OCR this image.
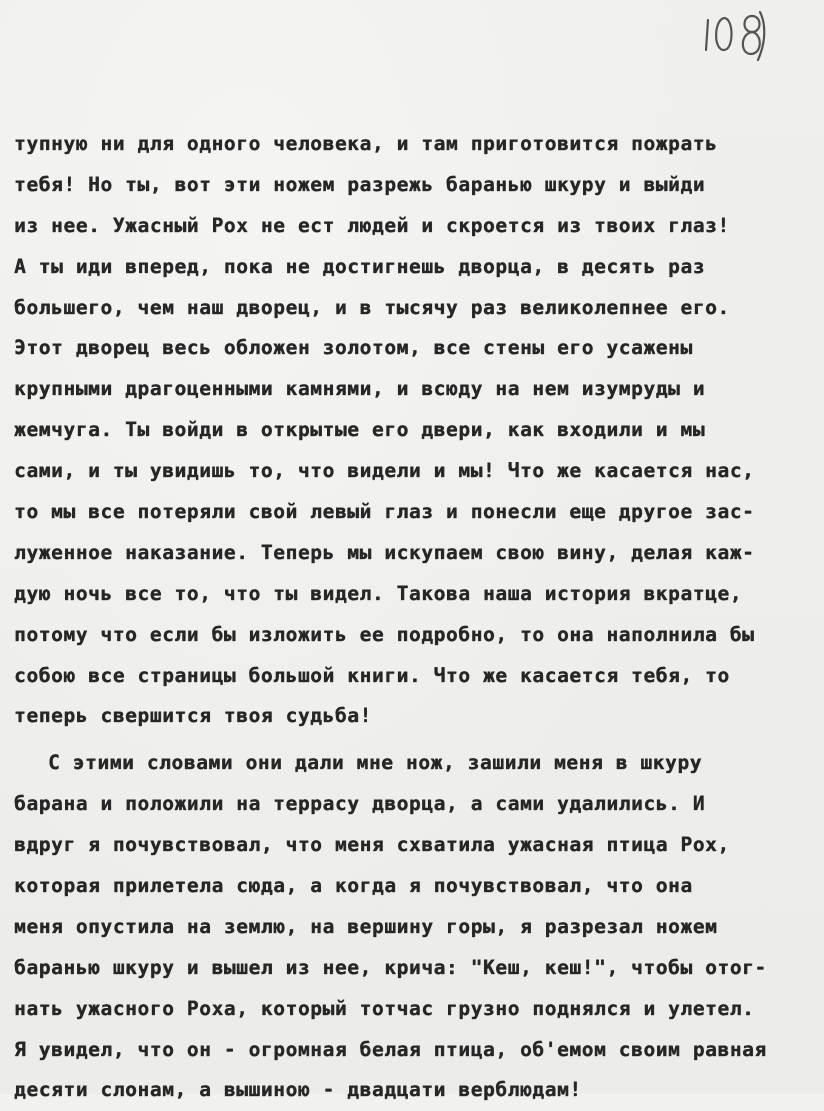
тупную ни для одного человека, и там приготовится пожрать
тебя! Но ты, вот эти ножем разрежь баранью шкуру и выйди
из нее. Ужасный Рох не ест людей и скроется из твоих глаз!
А ты иди вперед, пока не достигнешь дворца, в десять раз
большего, чем наш дворец, и в тысячу раз великолепнее его.
Этот дворец весь обложен золотом, все стены его усажены
крупными драгоценными камнями, и всюду на нем изумруды и
жемчуга. Ты войди в открытые его двери, как входили и мы
сами, и ты увидишь то, что видели и мы! Что же касается нас,
то мы все потеряли свой левый глаз и понесли еще другое зас-
луженное наказание. Теперь мы искупаем свою вину, делая каж-
дую ночь все то, что ты видел. Такова наша история вкратце,
потому что если бы изложить ее подробно, то она наполнила бы
собою все страницы большой книги. Что же касается тебя, то
теперь свершится твоя судьба!
С этими словами они дали мне нож, зашили меня в шкуру
барана и положили на террасу дворца, а сами удалились. И
вдруг я почувствовал, что меня схватила ужасная птица Рох,
которая прилетела сюда, а когда я почувствовал, что она
меня опустила на землю, на вершину горы, я разрезал ножем
баранью шкуру и вышел из нее, крича: "Кеш, кеш!", чтобы отог-
нать ужасного Роха, который тотчас грузно поднялся и улетел.
Я увидел, что он - огромная белая птица, об'емом своим равная
десяти слонам, а вышиною - двадцати верблюдам!
